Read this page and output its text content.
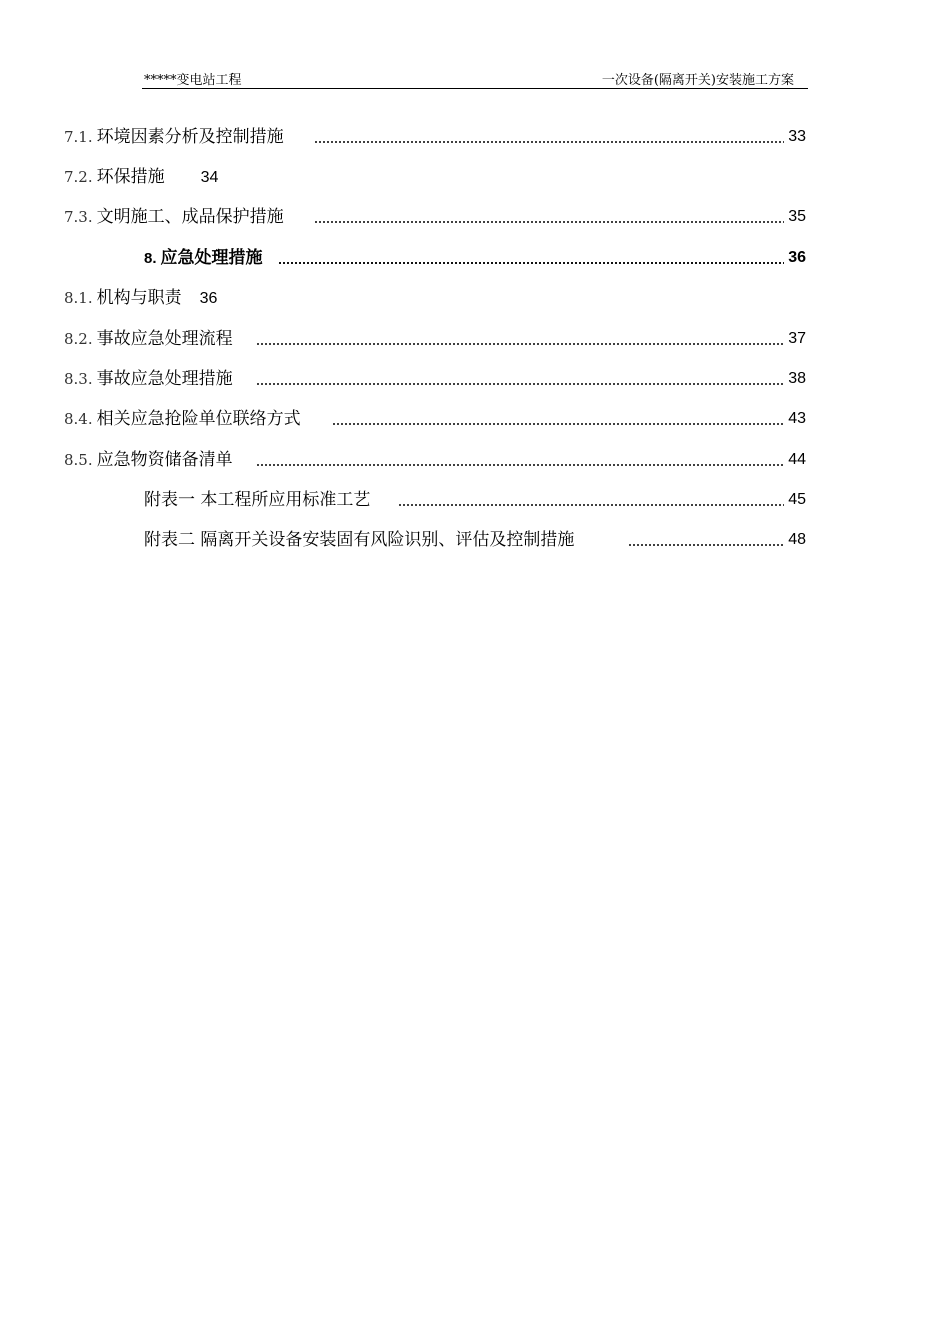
*****变电站工程	一次设备(隔离开关)安装施工方案
7.1. 环境因素分析及控制措施	33
7.2. 环保措施 34
7.3. 文明施工、成品保护措施	35
8. 应急处理措施	36
8.1. 机构与职责 36
8.2. 事故应急处理流程	37
8.3. 事故应急处理措施	38
8.4. 相关应急抢险单位联络方式	43
8.5. 应急物资储备清单	44
附表一 本工程所应用标准工艺	45
附表二 隔离开关设备安装固有风险识别、评估及控制措施	48
